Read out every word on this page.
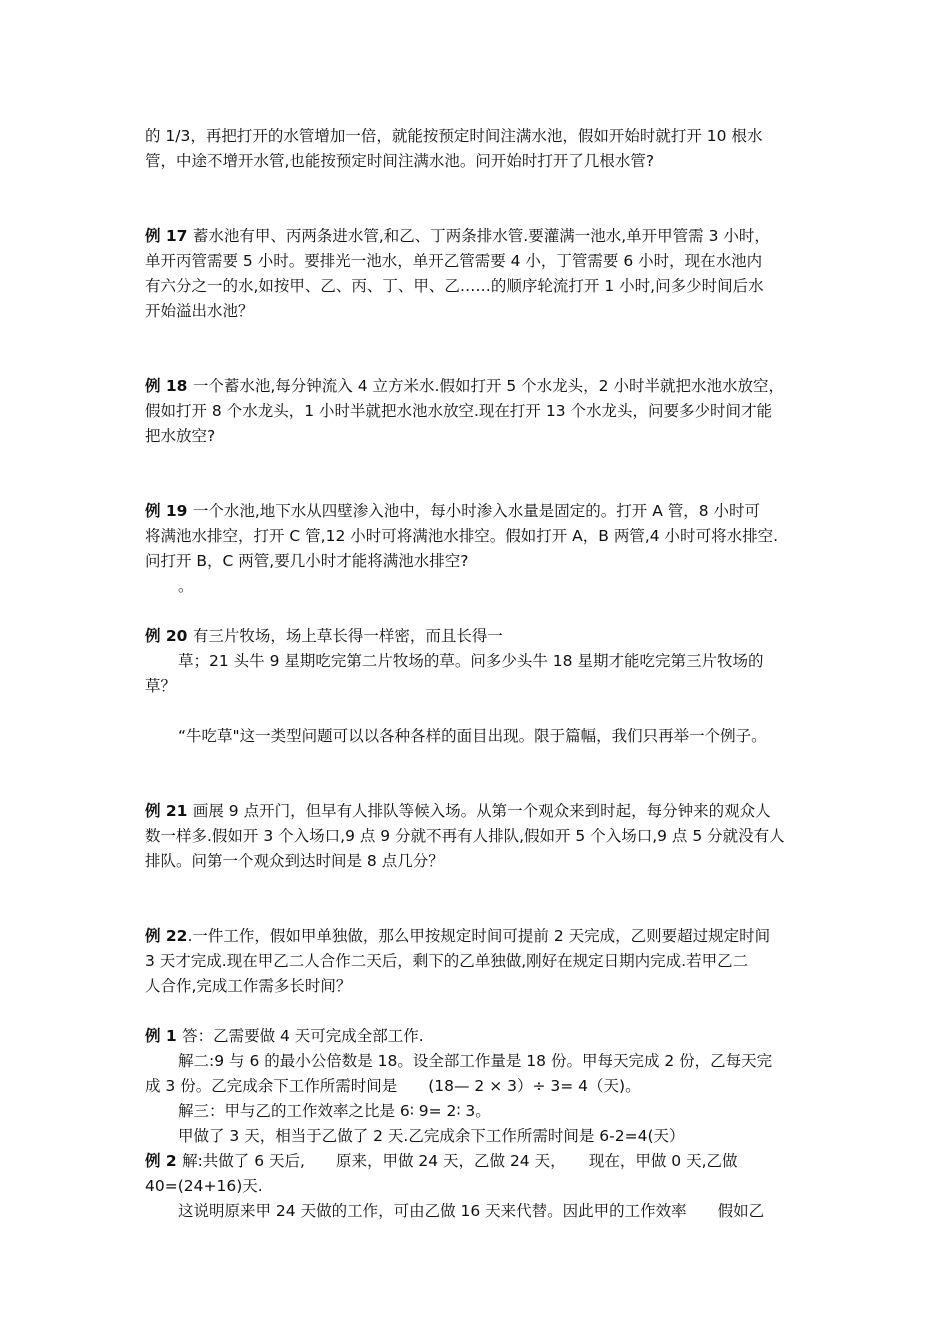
的 1/3，再把打开的水管增加一倍，就能按预定时间注满水池，假如开始时就打开 10 根水
管，中途不增开水管,也能按预定时间注满水池。问开始时打开了几根水管?
例 17 蓄水池有甲、丙两条进水管,和乙、丁两条排水管.要灌满一池水,单开甲管需 3 小时，
单开丙管需要 5 小时。要排光一池水，单开乙管需要 4 小，丁管需要 6 小时，现在水池内
有六分之一的水,如按甲、乙、丙、丁、甲、乙……的顺序轮流打开 1 小时,问多少时间后水
开始溢出水池？
例 18 一个蓄水池,每分钟流入 4 立方米水.假如打开 5 个水龙头，2 小时半就把水池水放空，
假如打开 8 个水龙头，1 小时半就把水池水放空.现在打开 13 个水龙头，问要多少时间才能
把水放空?
例 19 一个水池,地下水从四壁渗入池中，每小时渗入水量是固定的。打开 A 管，8 小时可
将满池水排空，打开 C 管,12 小时可将满池水排空。假如打开 A，B 两管,4 小时可将水排空.
问打开 B，C 两管,要几小时才能将满池水排空?
。
例 20 有三片牧场，场上草长得一样密，而且长得一
草；21 头牛 9 星期吃完第二片牧场的草。问多少头牛 18 星期才能吃完第三片牧场的
草？
“牛吃草"这一类型问题可以以各种各样的面目出现。限于篇幅，我们只再举一个例子。
例 21 画展 9 点开门，但早有人排队等候入场。从第一个观众来到时起，每分钟来的观众人
数一样多.假如开 3 个入场口,9 点 9 分就不再有人排队,假如开 5 个入场口,9 点 5 分就没有人
排队。问第一个观众到达时间是 8 点几分？
例 22.一件工作，假如甲单独做，那么甲按规定时间可提前 2 天完成，乙则要超过规定时间
3 天才完成.现在甲乙二人合作二天后，剩下的乙单独做,刚好在规定日期内完成.若甲乙二
人合作,完成工作需多长时间？
例 1 答：乙需要做 4 天可完成全部工作.
解二:9 与 6 的最小公倍数是 18。设全部工作量是 18 份。甲每天完成 2 份，乙每天完
成 3 份。乙完成余下工作所需时间是　　(18— 2 × 3）÷ 3= 4（天)。
解三：甲与乙的工作效率之比是 6∶ 9= 2∶ 3。
甲做了 3 天，相当于乙做了 2 天.乙完成余下工作所需时间是 6-2=4(天）
例 2 解:共做了 6 天后,　　原来，甲做 24 天，乙做 24 天，　　现在，甲做 0 天,乙做
40=(24+16)天.
这说明原来甲 24 天做的工作，可由乙做 16 天来代替。因此甲的工作效率　　假如乙
